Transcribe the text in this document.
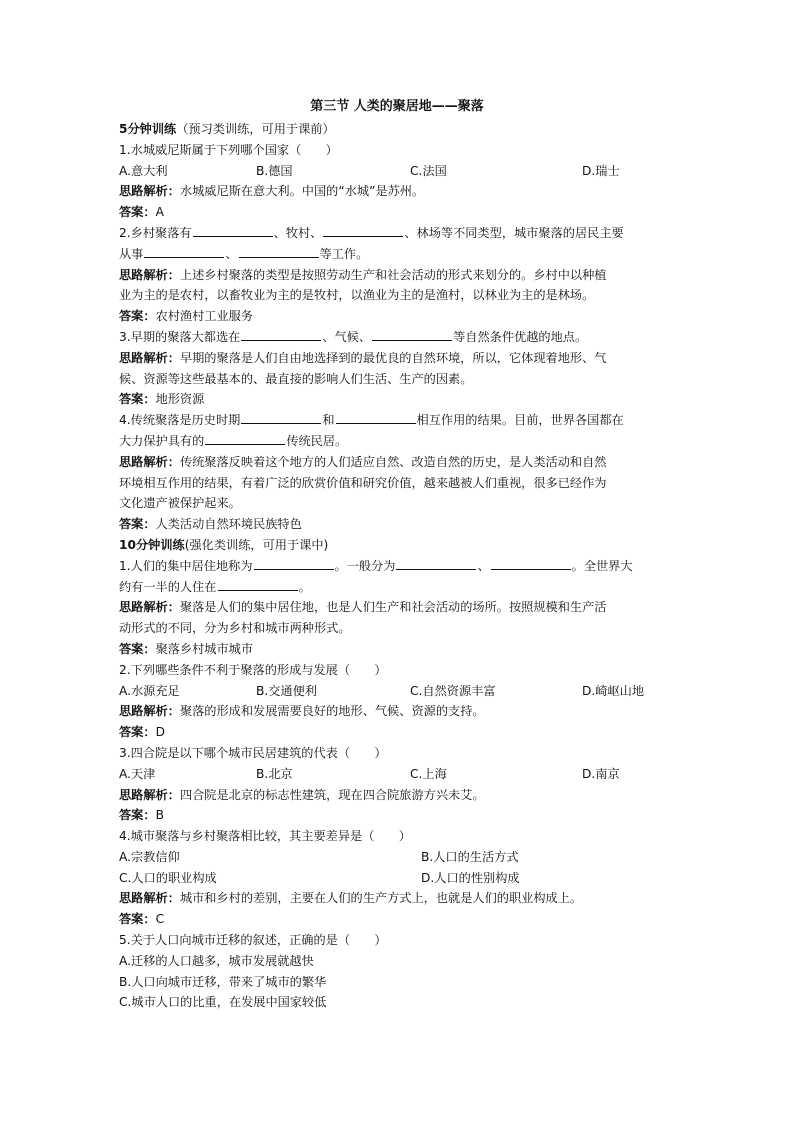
第三节 人类的聚居地——聚落
5分钟训练（预习类训练，可用于课前）
1.水城威尼斯属于下列哪个国家（　　）
A.意大利	B.德国	C.法国	D.瑞士
思路解析：水城威尼斯在意大利。中国的“水城”是苏州。
答案：A
2.乡村聚落有	、牧村、	、林场等不同类型，城市聚落的居民主要
从事	、	等工作。
思路解析：上述乡村聚落的类型是按照劳动生产和社会活动的形式来划分的。乡村中以种植
业为主的是农村，以畜牧业为主的是牧村，以渔业为主的是渔村，以林业为主的是林场。
答案：农村渔村工业服务
3.早期的聚落大都选在	、气候、	等自然条件优越的地点。
思路解析：早期的聚落是人们自由地选择到的最优良的自然环境，所以，它体现着地形、气
候、资源等这些最基本的、最直接的影响人们生活、生产的因素。
答案：地形资源
4.传统聚落是历史时期	和	相互作用的结果。目前，世界各国都在
大力保护具有的	传统民居。
思路解析：传统聚落反映着这个地方的人们适应自然、改造自然的历史，是人类活动和自然
环境相互作用的结果，有着广泛的欣赏价值和研究价值，越来越被人们重视，很多已经作为
文化遗产被保护起来。
答案：人类活动自然环境民族特色
10分钟训练(强化类训练，可用于课中)
1.人们的集中居住地称为	。一般分为	、	。全世界大
约有一半的人住在	。
思路解析：聚落是人们的集中居住地，也是人们生产和社会活动的场所。按照规模和生产活
动形式的不同，分为乡村和城市两种形式。
答案：聚落乡村城市城市
2.下列哪些条件不利于聚落的形成与发展（　　）
A.水源充足	B.交通便利	C.自然资源丰富	D.崎岖山地
思路解析：聚落的形成和发展需要良好的地形、气候、资源的支持。
答案：D
3.四合院是以下哪个城市民居建筑的代表（　　）
A.天津	B.北京	C.上海	D.南京
思路解析：四合院是北京的标志性建筑，现在四合院旅游方兴未艾。
答案：B
4.城市聚落与乡村聚落相比较，其主要差异是（　　）
A.宗教信仰	B.人口的生活方式
C.人口的职业构成	D.人口的性别构成
思路解析：城市和乡村的差别，主要在人们的生产方式上，也就是人们的职业构成上。
答案：C
5.关于人口向城市迁移的叙述，正确的是（　　）
A.迁移的人口越多，城市发展就越快
B.人口向城市迁移，带来了城市的繁华
C.城市人口的比重，在发展中国家较低
